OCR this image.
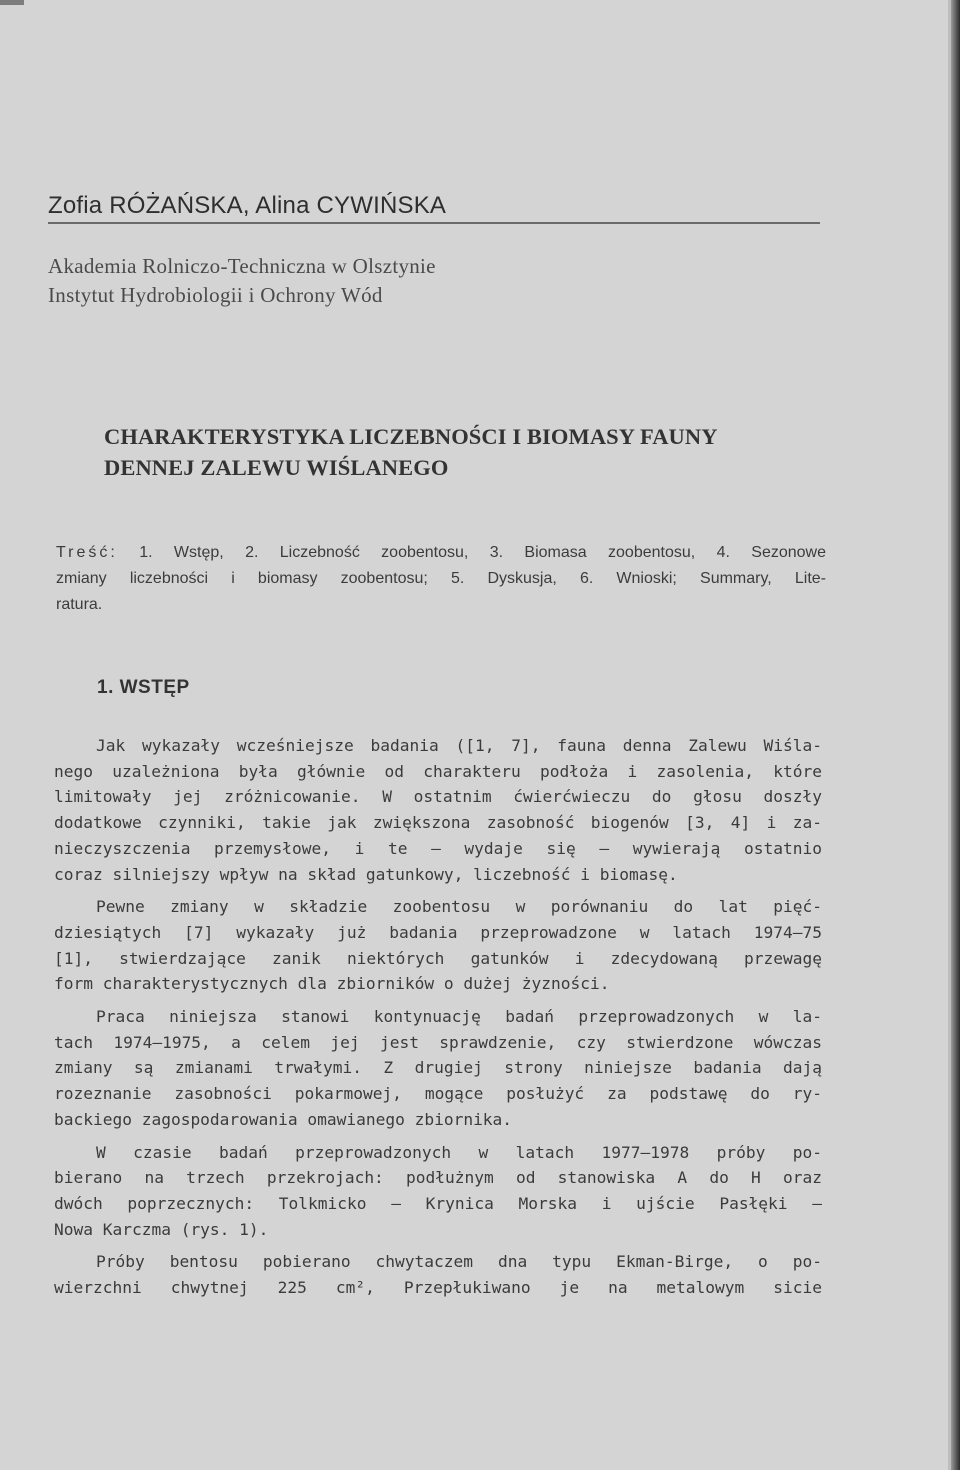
Zofia RÓŻAŃSKA, Alina CYWIŃSKA
Akademia Rolniczo-Techniczna w Olsztynie
Instytut Hydrobiologii i Ochrony Wód
CHARAKTERYSTYKA LICZEBNOŚCI I BIOMASY FAUNY
DENNEJ ZALEWU WIŚLANEGO

Treść: 1. Wstęp, 2. Liczebność zoobentosu, 3. Biomasa zoobentosu, 4. Sezonowe

zmiany liczebności i biomasy zoobentosu; 5. Dyskusja, 6. Wnioski; Summary, Lite-

ratura.

1. WSTĘP

Jak wykazały wcześniejsze badania ([1, 7], fauna denna Zalewu Wiśla-
nego uzależniona była głównie od charakteru podłoża i zasolenia, które
limitowały jej zróżnicowanie. W ostatnim ćwierćwieczu do głosu doszły
dodatkowe czynniki, takie jak zwiększona zasobność biogenów [3, 4] i za-
nieczyszczenia przemysłowe, i te — wydaje się — wywierają ostatnio
coraz silniejszy wpływ na skład gatunkowy, liczebność i biomasę.

Pewne zmiany w składzie zoobentosu w porównaniu do lat pięć-
dziesiątych [7] wykazały już badania przeprowadzone w latach 1974—75
[1], stwierdzające zanik niektórych gatunków i zdecydowaną przewagę
form charakterystycznych dla zbiorników o dużej żyzności.

Praca niniejsza stanowi kontynuację badań przeprowadzonych w la-
tach 1974—1975, a celem jej jest sprawdzenie, czy stwierdzone wówczas
zmiany są zmianami trwałymi. Z drugiej strony niniejsze badania dają
rozeznanie zasobności pokarmowej, mogące posłużyć za podstawę do ry-
backiego zagospodarowania omawianego zbiornika.

W czasie badań przeprowadzonych w latach 1977—1978 próby po-
bierano na trzech przekrojach: podłużnym od stanowiska A do H oraz
dwóch poprzecznych: Tolkmicko — Krynica Morska i ujście Pasłęki —
Nowa Karczma (rys. 1).

Próby bentosu pobierano chwytaczem dna typu Ekman-Birge, o po-
wierzchni chwytnej 225 cm², Przepłukiwano je na metalowym sicie
